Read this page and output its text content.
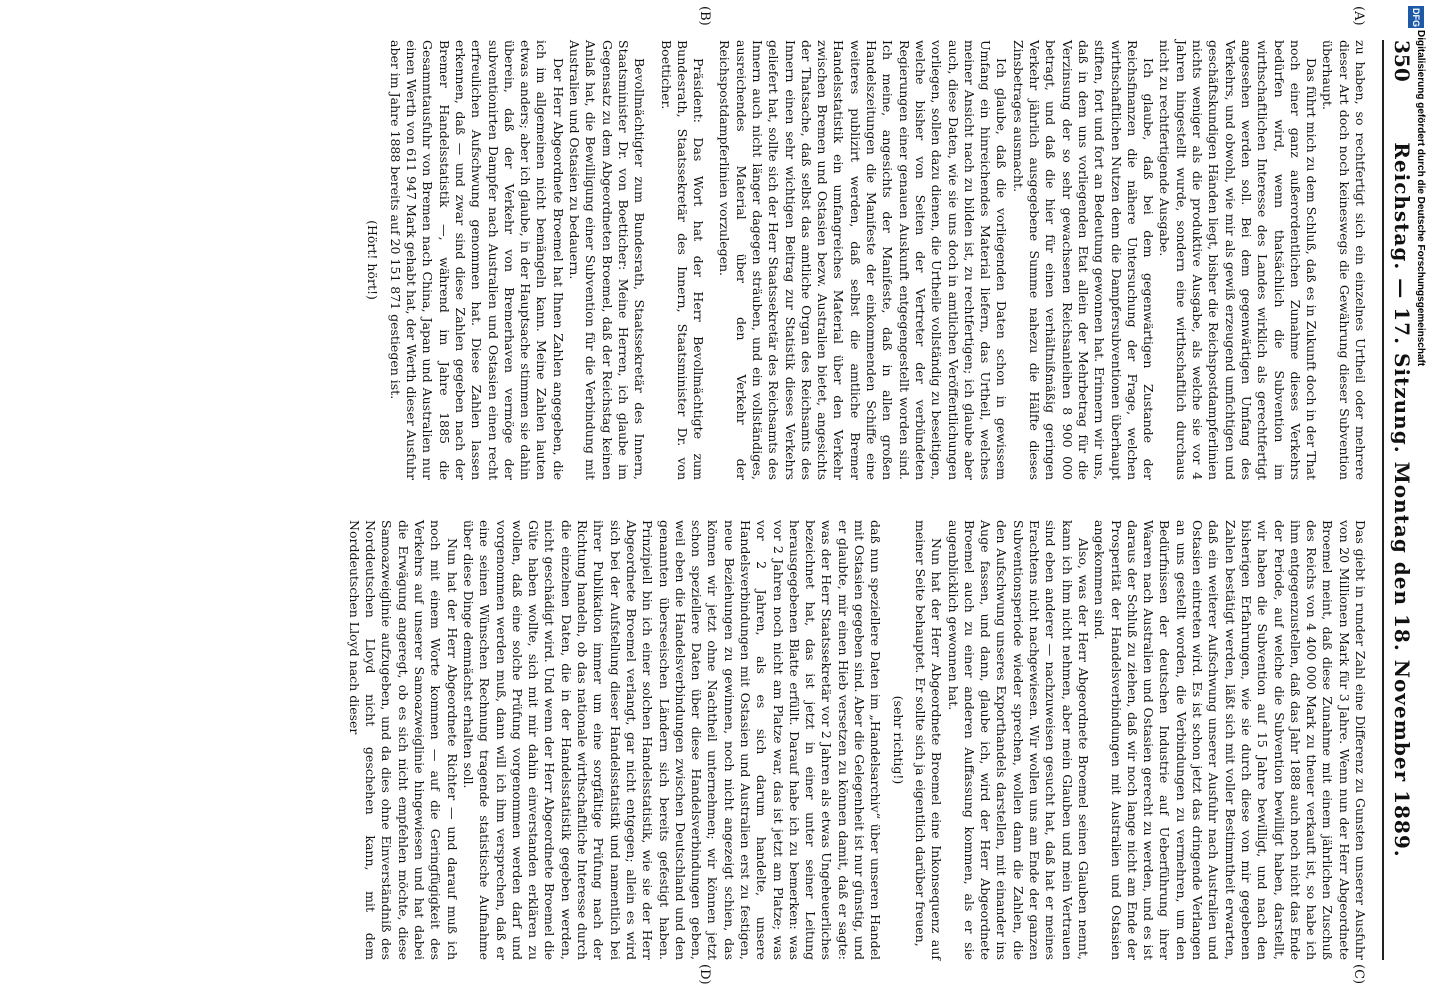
350
Reichstag. — 17. Sitzung. Montag den 18. November 1889.
(A)
(B)
(C)
(D)

zu haben, so rechtfertigt sich ein einzelnes Urtheil oder mehrere dieser Art doch noch keineswegs die Gewährung dieser Subvention überhaupt.

Das führt mich zu dem Schluß, daß es in Zukunft doch in der That noch einer ganz außerordentlichen Zunahme dieses Verkehrs bedürfen wird, wenn thatsächlich die Subvention im wirthschaftlichen Interesse des Landes wirklich als gerechtfertigt angesehen werden soll. Bei dem gegenwärtigen Umfang des Verkehrs, und obwohl, wie mir als gewiß erzeugend umfichtigen und geschäftskundigen Händen liegt, bisher die Reichspostdampferlinien nichts weniger als die produktive Ausgabe, als welche sie vor 4 Jahren hingestellt wurde, sondern eine wirthschaftlich durchaus nicht zu rechtfertigende Ausgabe.

Ich glaube, daß bei dem gegenwärtigen Zustande der Reichsfinanzen die nähere Untersuchung der Frage, welchen wirthschaftlichen Nutzen denn die Dampfersubventionen überhaupt stiften, fort und fort an Bedeutung gewonnen hat. Erinnern wir uns, daß in dem uns vorliegenden Etat allein der Mehrbetrag für die Verzinsung der so sehr gewachsenen Reichsanleihen 8 900 000 betragt, und daß die hier für einen verhältnißmäßig geringen Verkehr jährlich ausgegebene Summe nahezu die Hälfte dieses Zinsbetrages ausmacht.

Ich glaube, daß die vorliegenden Daten schon in gewissem Umfang ein hinreichendes Material liefern, das Urtheil, welches meiner Ansicht nach zu bilden ist, zu rechtfertigen; ich glaube aber auch, diese Daten, wie sie uns doch in amtlichen Veröffentlichungen vorliegen, sollen dazu dienen, die Urtheile vollständig zu beseitigen, welche bisher von Seiten der Vertreter der verbündeten Regierungen einer genauen Auskunft entgegengestellt worden sind. Ich meine, angesichts der Manifeste, daß in allen großen Handelszeitungen die Manifeste der einkommenden Schiffe eine weiteres publizirt werden, daß selbst die amtliche Bremer Handelsstatistik ein umfangreiches Material über den Verkehr zwischen Bremen und Ostasien bezw. Australien bietet, angesichts der Thatsache, daß selbst das amtliche Organ des Reichsamts des Innern einen sehr wichtigen Beitrag zur Statistik dieses Verkehrs geliefert hat, sollte sich der Herr Staatssekretär des Reichsamts des Innern auch nicht länger dagegen sträuben, und ein vollständiges, ausreichendes Material über den Verkehr der Reichspostdampferlinien vorzulegen.

Präsident: Das Wort hat der Herr Bevollmächtigte zum Bundesrath, Staatssekretär des Innern, Staatsminister Dr. von Boetticher.

Bevollmächtigter zum Bundesrath, Staatssekretär des Innern, Staatsminister Dr. von Boetticher: Meine Herren, ich glaube im Gegensatz zu dem Abgeordneten Broemel, daß der Reichstag keinen Anlaß hat, die Bewilligung einer Subvention für die Verbindung mit Australien und Ostasien zu bedauern.

Der Herr Abgeordnete Broemel hat Ihnen Zahlen angegeben, die ich im allgemeinen nicht bemängeln kann. Meine Zahlen lauten etwas anders; aber ich glaube, in der Hauptsache stimmen sie dahin überein, daß der Verkehr von Bremerhaven vermöge der subventionirten Dampfer nach Australien und Ostasien einen recht erfreulichen Aufschwung genommen hat. Diese Zahlen lassen erkennen, daß — und zwar sind diese Zahlen gegeben nach der Bremer Handelsstatistik —, während im Jahre 1885 die Gesammtausfuhr von Bremen nach China, Japan und Australien nur einen Werth von 611 947 Mark gehabt hat, der Werth dieser Ausfuhr aber im Jahre 1888 bereits auf 20 151 871 gestiegen ist.

(Hört! hört!)

Das giebt in runder Zahl eine Differenz zu Gunsten unserer Ausfuhr von 20 Millionen Mark für 3 Jahre. Wenn nun der Herr Abgeordnete Broemel meint, daß diese Zunahme mit einem jährlichen Zuschuß des Reichs von 4 400 000 Mark zu theuer verkauft ist, so habe ich ihm entgegenzustellen, daß das Jahr 1888 auch noch nicht das Ende der Periode, auf welche die Subvention bewilligt haben, darstellt, wir haben die Subvention auf 15 Jahre bewilligt, und nach den bisherigen Erfahrungen, wie sie durch diese von mir gegebenen Zahlen bestätigt werden, läßt sich mit voller Bestimmtheit erwarten, daß ein weiterer Aufschwung unserer Ausfuhr nach Australien und Ostasien eintreten wird. Es ist schon jetzt das dringende Verlangen an uns gestellt worden, die Verbindungen zu vermehren, um den Bedürfnissen der deutschen Industrie auf Ueberführung ihrer Waaren nach Australien und Ostasien gerecht zu werden, und es ist daraus der Schluß zu ziehen, daß wir noch lange nicht am Ende der Prosperität der Handelsverbindungen mit Australien und Ostasien angekommen sind.

Also, was der Herr Abgeordnete Broemel seinen Glauben nennt, kann ich ihm nicht nehmen, aber mein Glauben und mein Vertrauen sind eben anderer — nachzuweisen gesucht hat, daß hat er meines Erachtens nicht nachgewiesen. Wir wollen uns am Ende der ganzen Subventionsperiode wieder sprechen, wollen dann die Zahlen, die den Aufschwung unseres Exporthandels darstellen, mit einander ins Auge fassen, und dann, glaube ich, wird der Herr Abgeordnete Broemel auch zu einer anderen Auffassung kommen, als er sie augenblicklich gewonnen hat.

Nun hat der Herr Abgeordnete Broemel eine Inkonsequenz auf meiner Seite behauptet. Er sollte sich ja eigentlich darüber freuen,

(sehr richtig!)

daß nun speziellere Daten im „Handelsarchiv“ über unseren Handel mit Ostasien gegeben sind. Aber die Gelegenheit ist nur günstig, und er glaubte, mir einen Hieb versetzen zu können damit, daß er sagte: was der Herr Staatssekretär vor 2 Jahren als etwas Ungeheuerliches bezeichnet hat, das ist jetzt in einer unter seiner Leitung herausgegebenen Blatte erfüllt. Darauf habe ich zu bemerken: was vor 2 Jahren noch nicht am Platze war, das ist jetzt am Platze; was vor 2 Jahren, als es sich darum handelte, unsere Handelsverbindungen mit Ostasien und Australien erst zu festigen, neue Beziehungen zu gewinnen, noch nicht angezeigt schien, das können wir jetzt ohne Nachtheil unternehmen; wir können jetzt schon speziellere Daten über diese Handelsverbindungen geben, weil eben die Handelsverbindungen zwischen Deutschland und den genannten überseeischen Ländern sich bereits gefestigt haben. Prinzipiell bin ich einer solchen Handelsstatistik, wie sie der Herr Abgeordnete Broemel verlangt, gar nicht entgegen; allein es wird sich bei der Aufstellung dieser Handelsstatistik und namentlich bei ihrer Publikation immer um eine sorgfältige Prüfung nach der Richtung handeln, ob das nationale wirthschaftliche Interesse durch die einzelnen Daten, die in der Handelsstatistik gegeben werden, nicht geschädigt wird. Und wenn der Herr Abgeordnete Broemel die Güte haben wollte, sich mit mir dahin einverstanden erklären zu wollen, daß eine solche Prüfung vorgenommen werden darf und vorgenommen werden muß, dann will ich ihm versprechen, daß er eine seinen Wünschen Rechnung tragende statistische Aufnahme über diese Dinge demnächst erhalten soll.

Nun hat der Herr Abgeordnete Richter — und darauf muß ich noch mit einem Worte kommen — auf die Geringfügigkeit des Verkehrs auf unserer Samoazweiglinie hingewiesen und hat dabei die Erwägung angeregt, ob es sich nicht empfehlen möchte, diese Samoazweiglinie aufzugeben, und da dies ohne Einverständniß des Norddeutschen Lloyd nicht geschehen kann, mit dem Norddeutschen Lloyd nach dieser

DFG
Digitalisierung gefördert durch die Deutsche Forschungsgemeinschaft
